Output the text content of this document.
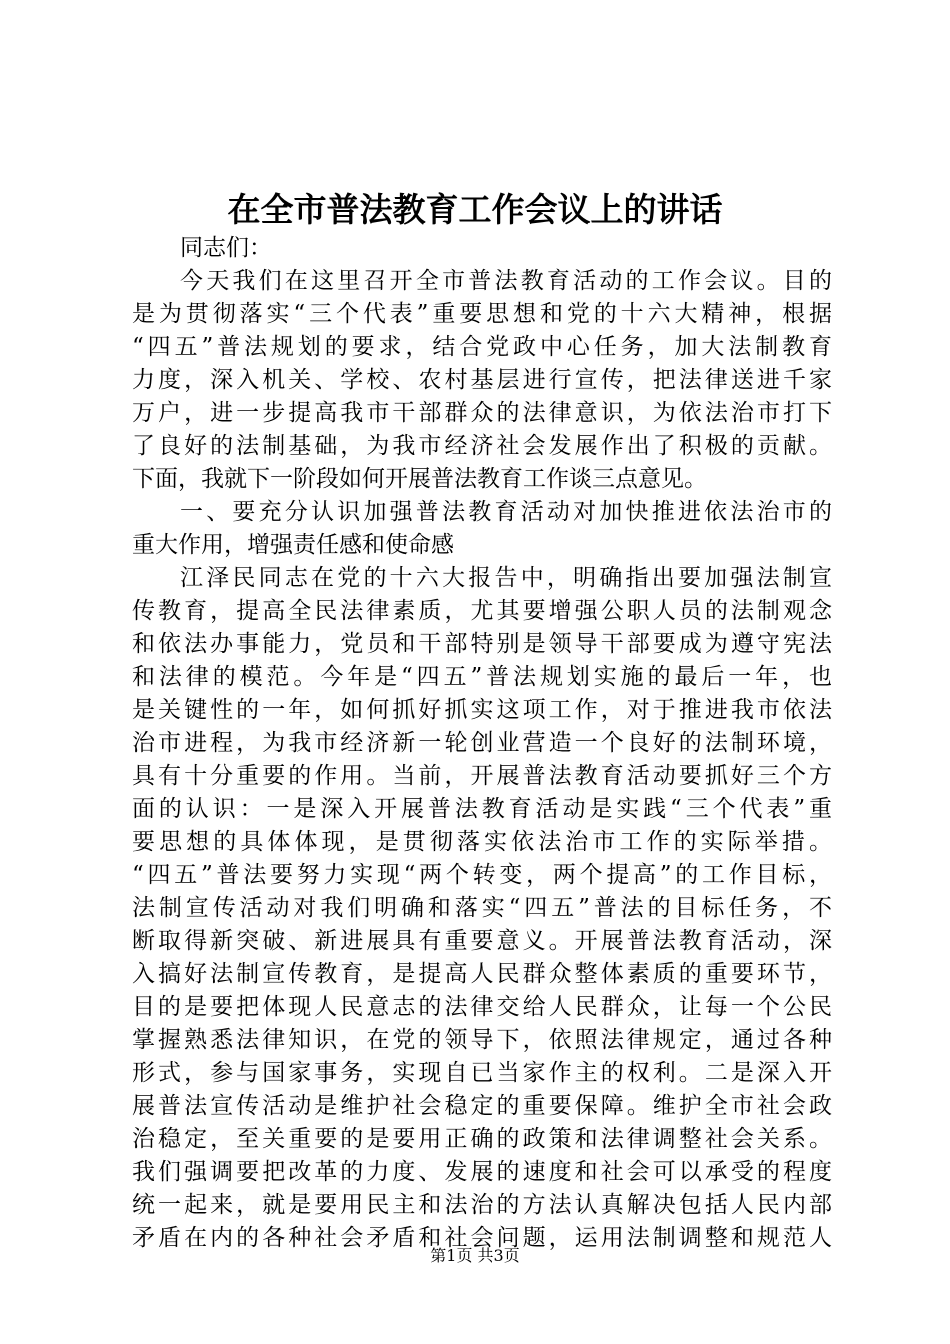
在全市普法教育工作会议上的讲话
同志们：
今天我们在这里召开全市普法教育活动的工作会议。目的
是为贯彻落实“三个代表”重要思想和党的十六大精神，根据
“四五”普法规划的要求，结合党政中心任务，加大法制教育
力度，深入机关、学校、农村基层进行宣传，把法律送进千家
万户，进一步提高我市干部群众的法律意识，为依法治市打下
了良好的法制基础，为我市经济社会发展作出了积极的贡献。
下面，我就下一阶段如何开展普法教育工作谈三点意见。
一、要充分认识加强普法教育活动对加快推进依法治市的
重大作用，增强责任感和使命感
江泽民同志在党的十六大报告中，明确指出要加强法制宣
传教育，提高全民法律素质，尤其要增强公职人员的法制观念
和依法办事能力，党员和干部特别是领导干部要成为遵守宪法
和法律的模范。今年是“四五”普法规划实施的最后一年，也
是关键性的一年，如何抓好抓实这项工作，对于推进我市依法
治市进程，为我市经济新一轮创业营造一个良好的法制环境，
具有十分重要的作用。当前，开展普法教育活动要抓好三个方
面的认识：一是深入开展普法教育活动是实践“三个代表”重
要思想的具体体现，是贯彻落实依法治市工作的实际举措。
“四五”普法要努力实现“两个转变，两个提高”的工作目标，
法制宣传活动对我们明确和落实“四五”普法的目标任务，不
断取得新突破、新进展具有重要意义。开展普法教育活动，深
入搞好法制宣传教育，是提高人民群众整体素质的重要环节，
目的是要把体现人民意志的法律交给人民群众，让每一个公民
掌握熟悉法律知识，在党的领导下，依照法律规定，通过各种
形式，参与国家事务，实现自已当家作主的权利。二是深入开
展普法宣传活动是维护社会稳定的重要保障。维护全市社会政
治稳定，至关重要的是要用正确的政策和法律调整社会关系。
我们强调要把改革的力度、发展的速度和社会可以承受的程度
统一起来，就是要用民主和法治的方法认真解决包括人民内部
矛盾在内的各种社会矛盾和社会问题，运用法制调整和规范人
第1页 共3页
